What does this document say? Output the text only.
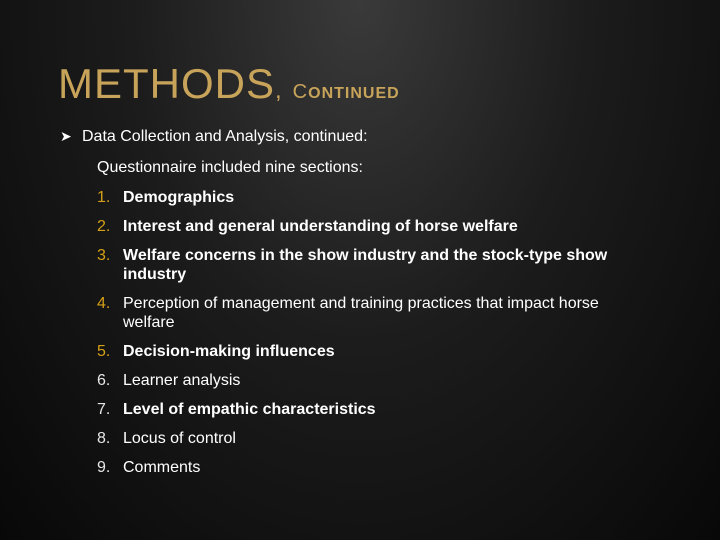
METHODS, CONTINUED
➤ Data Collection and Analysis, continued:
Questionnaire included nine sections:
1. Demographics
2. Interest and general understanding of horse welfare
3. Welfare concerns in the show industry and the stock-type show industry
4. Perception of management and training practices that impact horse welfare
5. Decision-making influences
6. Learner analysis
7. Level of empathic characteristics
8. Locus of control
9. Comments
